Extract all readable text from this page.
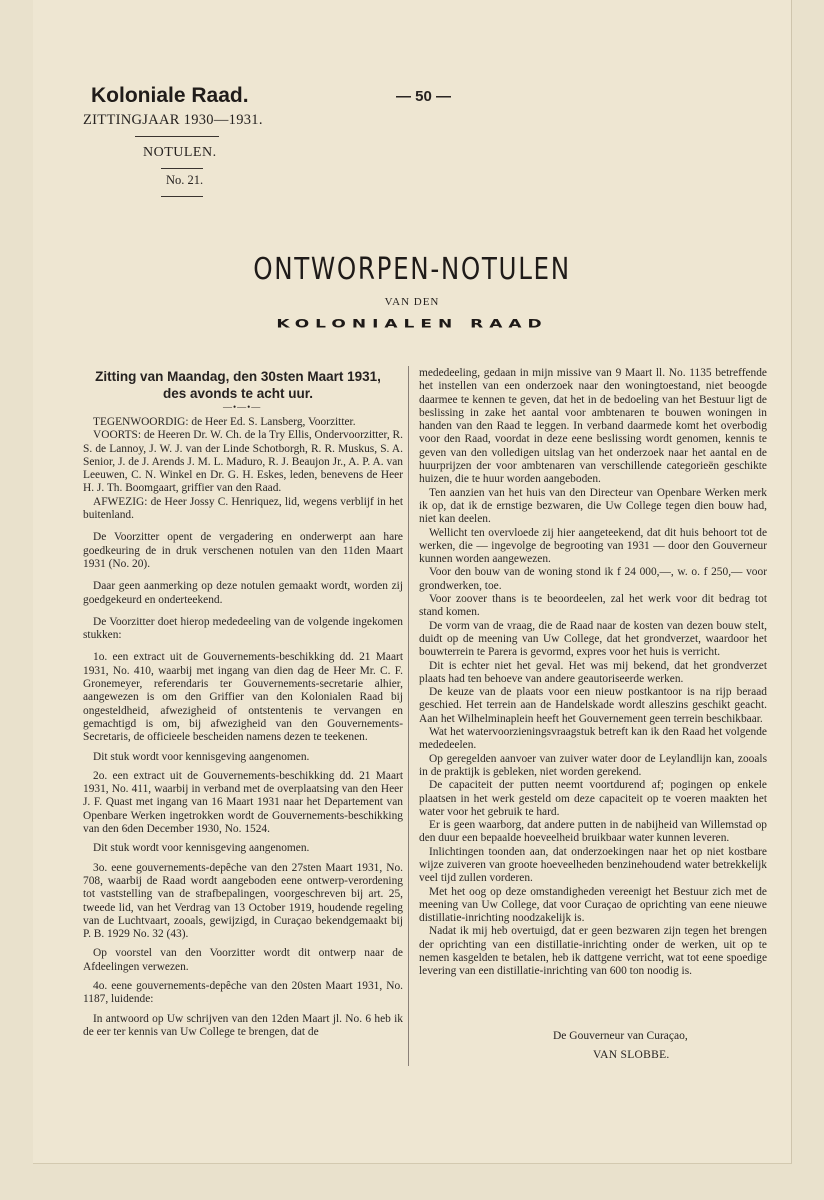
Koloniale Raad.	— 50 —
ZITTINGJAAR 1930—1931.
NOTULEN.
No. 21.
ONTWORPEN-NOTULEN
VAN DEN
KOLONIALEN RAAD
Zitting van Maandag, den 30sten Maart 1931,
des avonds te acht uur.
—•—•—

TEGENWOORDIG: de Heer Ed. S. Lansberg, Voorzitter.

VOORTS: de Heeren Dr. W. Ch. de la Try Ellis, Ondervoorzitter, R. S. de Lannoy, J. W. J. van der Linde Schotborgh, R. R. Muskus, S. A. Senior, J. de J. Arends J. M. L. Maduro, R. J. Beaujon Jr., A. P. A. van Leeuwen, C. N. Winkel en Dr. G. H. Eskes, leden, benevens de Heer H. J. Th. Boomgaart, griffier van den Raad.

AFWEZIG: de Heer Jossy C. Henriquez, lid, wegens verblijf in het buitenland.

De Voorzitter opent de vergadering en onderwerpt aan hare goedkeuring de in druk verschenen notulen van den 11den Maart 1931 (No. 20).

Daar geen aanmerking op deze notulen gemaakt wordt, worden zij goedgekeurd en onderteekend.

De Voorzitter doet hierop mededeeling van de volgende ingekomen stukken:

1o. een extract uit de Gouvernements-beschikking dd. 21 Maart 1931, No. 410, waarbij met ingang van dien dag de Heer Mr. C. F. Gronemeyer, referendaris ter Gouvernements-secretarie alhier, aangewezen is om den Griffier van den Kolonialen Raad bij ongesteldheid, afwezigheid of ontstentenis te vervangen en gemachtigd is om, bij afwezigheid van den Gouvernements-Secretaris, de officieele bescheiden namens dezen te teekenen.

Dit stuk wordt voor kennisgeving aangenomen.

2o. een extract uit de Gouvernements-beschikking dd. 21 Maart 1931, No. 411, waarbij in verband met de overplaatsing van den Heer J. F. Quast met ingang van 16 Maart 1931 naar het Departement van Openbare Werken ingetrokken wordt de Gouvernements-beschikking van den 6den December 1930, No. 1524.

Dit stuk wordt voor kennisgeving aangenomen.

3o. eene gouvernements-depêche van den 27sten Maart 1931, No. 708, waarbij de Raad wordt aangeboden eene ontwerp-verordening tot vaststelling van de strafbepalingen, voorgeschreven bij art. 25, tweede lid, van het Verdrag van 13 October 1919, houdende regeling van de Luchtvaart, zooals, gewijzigd, in Curaçao bekendgemaakt bij P. B. 1929 No. 32 (43).

Op voorstel van den Voorzitter wordt dit ontwerp naar de Afdeelingen verwezen.

4o. eene gouvernements-depêche van den 20sten Maart 1931, No. 1187, luidende:

In antwoord op Uw schrijven van den 12den Maart jl. No. 6 heb ik de eer ter kennis van Uw College te brengen, dat de

mededeeling, gedaan in mijn missive van 9 Maart ll. No. 1135 betreffende het instellen van een onderzoek naar den woningtoestand, niet beoogde daarmee te kennen te geven, dat het in de bedoeling van het Bestuur ligt de beslissing in zake het aantal voor ambtenaren te bouwen woningen in handen van den Raad te leggen. In verband daarmede komt het overbodig voor den Raad, voordat in deze eene beslissing wordt genomen, kennis te geven van den volledigen uitslag van het onderzoek naar het aantal en de huurprijzen der voor ambtenaren van verschillende categorieën geschikte huizen, die te huur worden aangeboden.

Ten aanzien van het huis van den Directeur van Openbare Werken merk ik op, dat ik de ernstige bezwaren, die Uw College tegen dien bouw had, niet kan deelen.

Wellicht ten overvloede zij hier aangeteekend, dat dit huis behoort tot de werken, die — ingevolge de begrooting van 1931 — door den Gouverneur kunnen worden aangewezen.

Voor den bouw van de woning stond ik f 24 000,—, w. o. f 250,— voor grondwerken, toe.

Voor zoover thans is te beoordeelen, zal het werk voor dit bedrag tot stand komen.

De vorm van de vraag, die de Raad naar de kosten van dezen bouw stelt, duidt op de meening van Uw College, dat het grondverzet, waardoor het bouwterrein te Parera is gevormd, expres voor het huis is verricht.

Dit is echter niet het geval. Het was mij bekend, dat het grondverzet plaats had ten behoeve van andere geautoriseerde werken.

De keuze van de plaats voor een nieuw postkantoor is na rijp beraad geschied. Het terrein aan de Handelskade wordt alleszins geschikt geacht. Aan het Wilhelminaplein heeft het Gouvernement geen terrein beschikbaar.

Wat het watervoorzieningsvraagstuk betreft kan ik den Raad het volgende mededeelen.

Op geregelden aanvoer van zuiver water door de Leylandlijn kan, zooals in de praktijk is gebleken, niet worden gerekend.

De capaciteit der putten neemt voortdurend af; pogingen op enkele plaatsen in het werk gesteld om deze capaciteit op te voeren maakten het water voor het gebruik te hard.

Er is geen waarborg, dat andere putten in de nabijheid van Willemstad op den duur een bepaalde hoeveelheid bruikbaar water kunnen leveren.

Inlichtingen toonden aan, dat onderzoekingen naar het op niet kostbare wijze zuiveren van groote hoeveelheden benzinehoudend water betrekkelijk veel tijd zullen vorderen.

Met het oog op deze omstandigheden vereenigt het Bestuur zich met de meening van Uw College, dat voor Curaçao de oprichting van eene nieuwe distillatie-inrichting noodzakelijk is.

Nadat ik mij heb overtuigd, dat er geen bezwaren zijn tegen het brengen der oprichting van een distillatie-inrichting onder de werken, uit op te nemen kasgelden te betalen, heb ik dattgene verricht, wat tot eene spoedige levering van een distillatie-inrichting van 600 ton noodig is.

De Gouverneur van Curaçao,
VAN SLOBBE.
